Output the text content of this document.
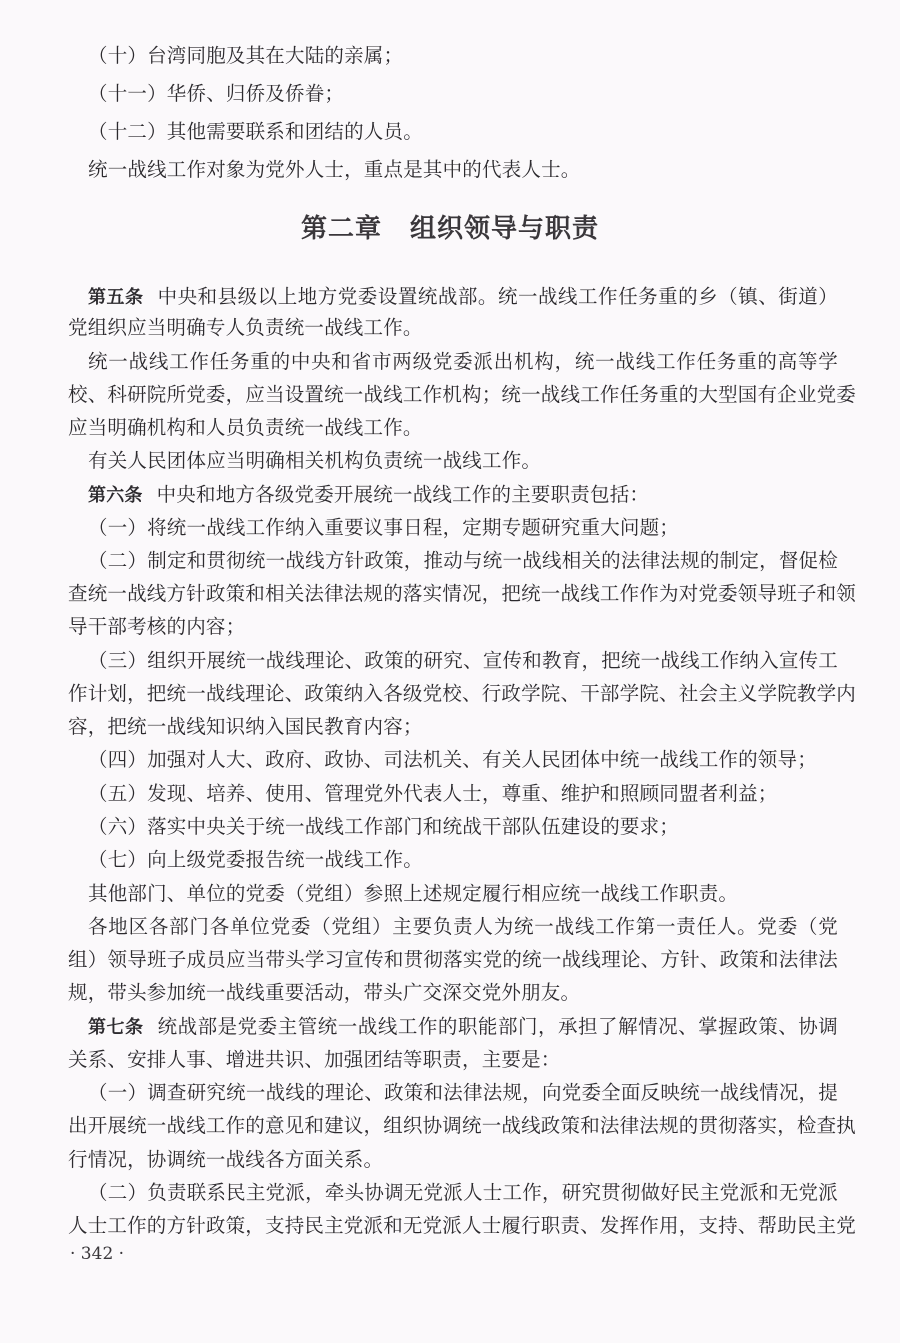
第二章 组织领导与职责
（十）台湾同胞及其在大陆的亲属；
（十一）华侨、归侨及侨眷；
（十二）其他需要联系和团结的人员。
统一战线工作对象为党外人士，重点是其中的代表人士。
第五条 中央和县级以上地方党委设置统战部。统一战线工作任务重的乡（镇、街道）
党组织应当明确专人负责统一战线工作。
统一战线工作任务重的中央和省市两级党委派出机构，统一战线工作任务重的高等学
校、科研院所党委，应当设置统一战线工作机构；统一战线工作任务重的大型国有企业党委
应当明确机构和人员负责统一战线工作。
有关人民团体应当明确相关机构负责统一战线工作。
第六条 中央和地方各级党委开展统一战线工作的主要职责包括：
（一）将统一战线工作纳入重要议事日程，定期专题研究重大问题；
（二）制定和贯彻统一战线方针政策，推动与统一战线相关的法律法规的制定，督促检
查统一战线方针政策和相关法律法规的落实情况，把统一战线工作作为对党委领导班子和领
导干部考核的内容；
（三）组织开展统一战线理论、政策的研究、宣传和教育，把统一战线工作纳入宣传工
作计划，把统一战线理论、政策纳入各级党校、行政学院、干部学院、社会主义学院教学内
容，把统一战线知识纳入国民教育内容；
（四）加强对人大、政府、政协、司法机关、有关人民团体中统一战线工作的领导；
（五）发现、培养、使用、管理党外代表人士，尊重、维护和照顾同盟者利益；
（六）落实中央关于统一战线工作部门和统战干部队伍建设的要求；
（七）向上级党委报告统一战线工作。
其他部门、单位的党委（党组）参照上述规定履行相应统一战线工作职责。
各地区各部门各单位党委（党组）主要负责人为统一战线工作第一责任人。党委（党
组）领导班子成员应当带头学习宣传和贯彻落实党的统一战线理论、方针、政策和法律法
规，带头参加统一战线重要活动，带头广交深交党外朋友。
第七条 统战部是党委主管统一战线工作的职能部门，承担了解情况、掌握政策、协调
关系、安排人事、增进共识、加强团结等职责，主要是：
（一）调查研究统一战线的理论、政策和法律法规，向党委全面反映统一战线情况，提
出开展统一战线工作的意见和建议，组织协调统一战线政策和法律法规的贯彻落实，检查执
行情况，协调统一战线各方面关系。
（二）负责联系民主党派，牵头协调无党派人士工作，研究贯彻做好民主党派和无党派
人士工作的方针政策，支持民主党派和无党派人士履行职责、发挥作用，支持、帮助民主党
· 342 ·
